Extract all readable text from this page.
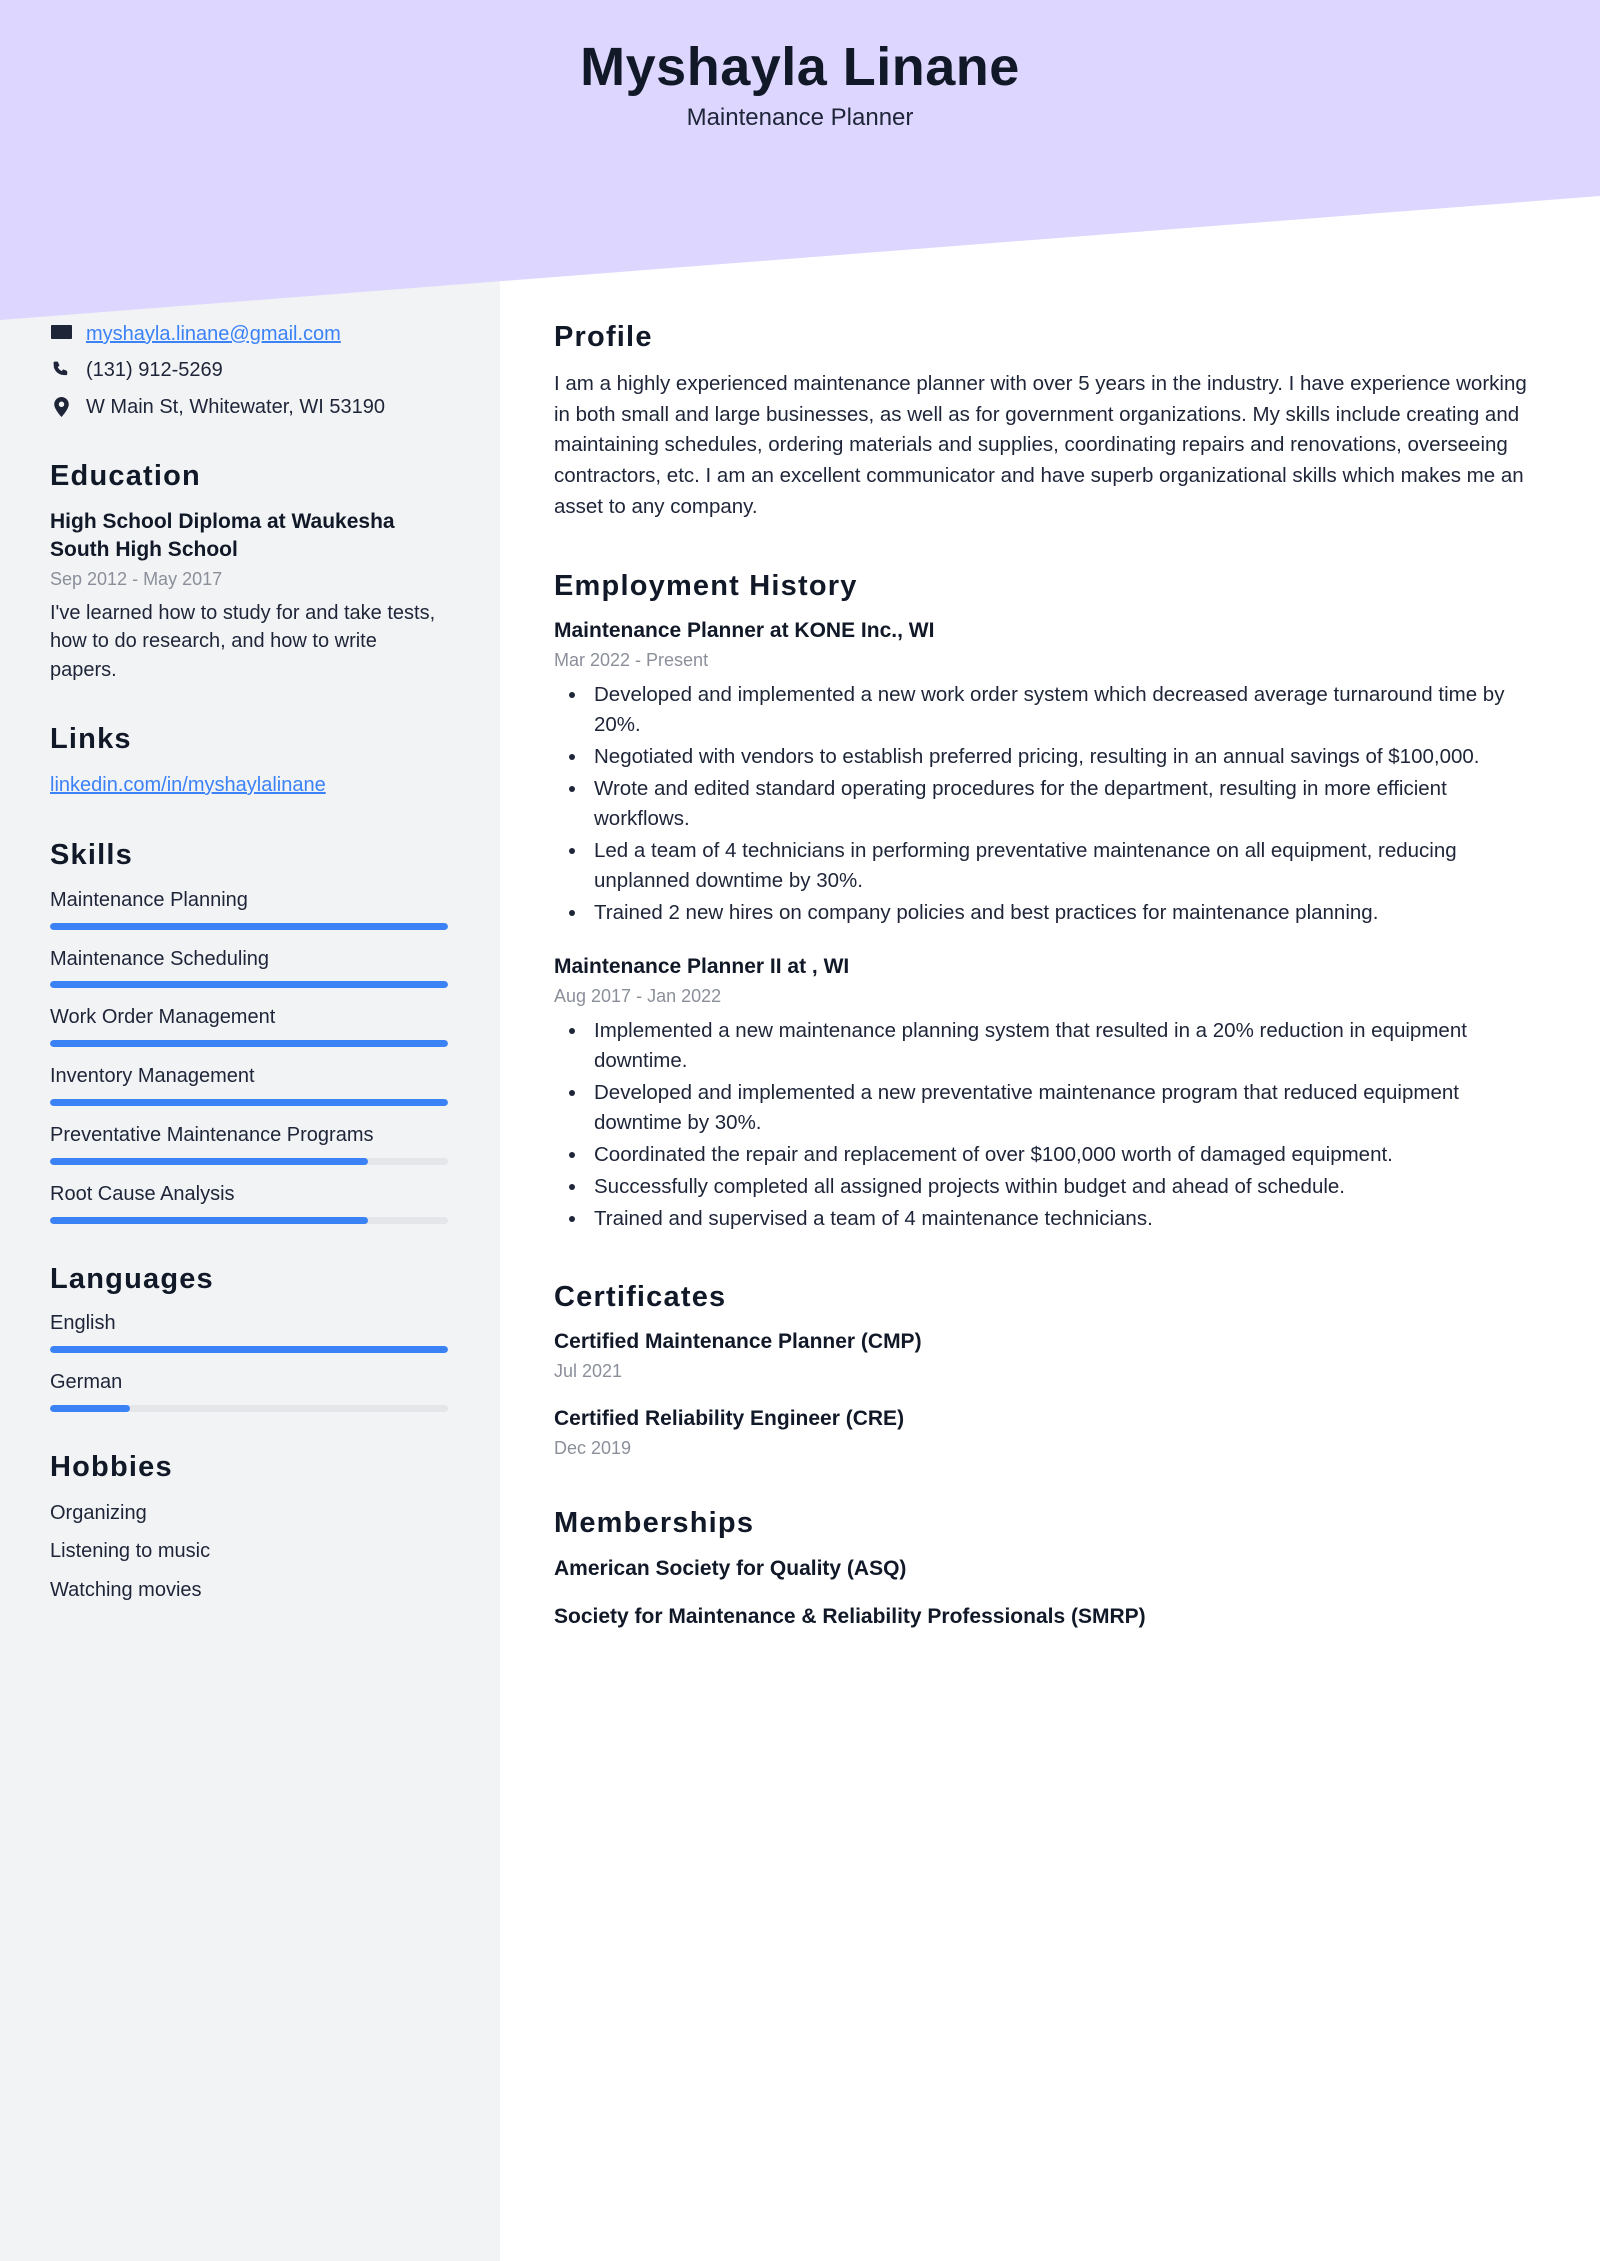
Myshayla Linane
Maintenance Planner
myshayla.linane@gmail.com
(131) 912-5269
W Main St, Whitewater, WI 53190
Education
High School Diploma at Waukesha South High School
Sep 2012 - May 2017
I've learned how to study for and take tests, how to do research, and how to write papers.
Links
linkedin.com/in/myshaylalinane
Skills
Maintenance Planning
Maintenance Scheduling
Work Order Management
Inventory Management
Preventative Maintenance Programs
Root Cause Analysis
Languages
English
German
Hobbies
Organizing
Listening to music
Watching movies
Profile

I am a highly experienced maintenance planner with over 5 years in the industry. I have experience working in both small and large businesses, as well as for government organizations. My skills include creating and maintaining schedules, ordering materials and supplies, coordinating repairs and renovations, overseeing contractors, etc. I am an excellent communicator and have superb organizational skills which makes me an asset to any company.

Employment History
Maintenance Planner at KONE Inc., WI
Mar 2022 - Present
• Developed and implemented a new work order system which decreased average turnaround time by 20%.
• Negotiated with vendors to establish preferred pricing, resulting in an annual savings of $100,000.
• Wrote and edited standard operating procedures for the department, resulting in more efficient workflows.
• Led a team of 4 technicians in performing preventative maintenance on all equipment, reducing unplanned downtime by 30%.
• Trained 2 new hires on company policies and best practices for maintenance planning.
Maintenance Planner II at , WI
Aug 2017 - Jan 2022
• Implemented a new maintenance planning system that resulted in a 20% reduction in equipment downtime.
• Developed and implemented a new preventative maintenance program that reduced equipment downtime by 30%.
• Coordinated the repair and replacement of over $100,000 worth of damaged equipment.
• Successfully completed all assigned projects within budget and ahead of schedule.
• Trained and supervised a team of 4 maintenance technicians.
Certificates
Certified Maintenance Planner (CMP)
Jul 2021
Certified Reliability Engineer (CRE)
Dec 2019
Memberships
American Society for Quality (ASQ)
Society for Maintenance & Reliability Professionals (SMRP)
